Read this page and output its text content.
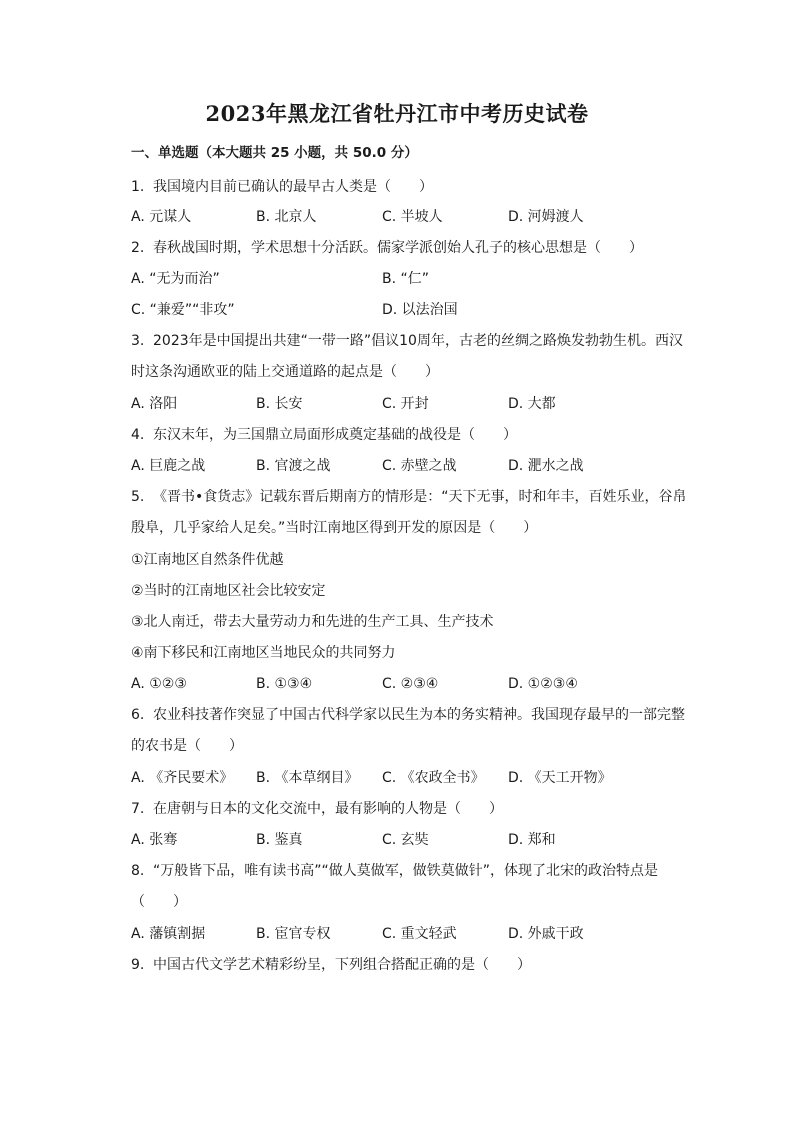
2023年黑龙江省牡丹江市中考历史试卷
一、单选题（本大题共 25 小题，共 50.0 分）
1. 我国境内目前已确认的最早古人类是（　　）
A. 元谋人	B. 北京人	C. 半坡人	D. 河姆渡人
2. 春秋战国时期，学术思想十分活跃。儒家学派创始人孔子的核心思想是（　　）
A. “无为而治”	B. “仁”
C. “兼爱”“非攻”	D. 以法治国
3. 2023年是中国提出共建“一带一路”倡议10周年，古老的丝绸之路焕发勃勃生机。西汉时这条沟通欧亚的陆上交通道路的起点是（　　）
A. 洛阳	B. 长安	C. 开封	D. 大都
4. 东汉末年，为三国鼎立局面形成奠定基础的战役是（　　）
A. 巨鹿之战	B. 官渡之战	C. 赤壁之战	D. 淝水之战
5. 《晋书•食货志》记载东晋后期南方的情形是：“天下无事，时和年丰，百姓乐业，谷帛殷阜，几乎家给人足矣。”当时江南地区得到开发的原因是（　　）
①江南地区自然条件优越
②当时的江南地区社会比较安定
③北人南迁，带去大量劳动力和先进的生产工具、生产技术
④南下移民和江南地区当地民众的共同努力
A. ①②③	B. ①③④	C. ②③④	D. ①②③④
6. 农业科技著作突显了中国古代科学家以民生为本的务实精神。我国现存最早的一部完整的农书是（　　）
A. 《齐民要术》 B. 《本草纲目》 C. 《农政全书》 D. 《天工开物》
7. 在唐朝与日本的文化交流中，最有影响的人物是（　　）
A. 张骞	B. 鉴真	C. 玄奘	D. 郑和
8. “万般皆下品，唯有读书高”“做人莫做军，做铁莫做针”，体现了北宋的政治特点是（　　）
A. 藩镇割据	B. 宦官专权	C. 重文轻武	D. 外戚干政
9. 中国古代文学艺术精彩纷呈，下列组合搭配正确的是（　　）
